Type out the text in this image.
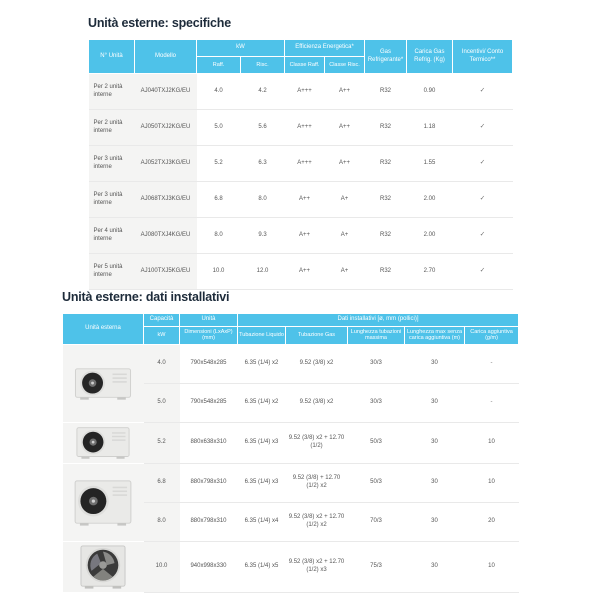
Unità esterne: specifiche
N° Unità	Modello	kW		Efficienza Energetica*		Gas Refrigerante*	Carica Gas Refrig. (Kg)	Incentivi/ Conto Termico**
		Raff.	Risc.	Classe Raff.	Classe Risc.			
Per 2 unità interne	AJ040TXJ2KG/EU	4.0	4.2	A+++	A++	R32	0.90	✓
Per 2 unità interne	AJ050TXJ2KG/EU	5.0	5.6	A+++	A++	R32	1.18	✓
Per 3 unità interne	AJ052TXJ3KG/EU	5.2	6.3	A+++	A++	R32	1.55	✓
Per 3 unità interne	AJ068TXJ3KG/EU	6.8	8.0	A++	A+	R32	2.00	✓
Per 4 unità interne	AJ080TXJ4KG/EU	8.0	9.3	A++	A+	R32	2.00	✓
Per 5 unità interne	AJ100TXJ5KG/EU	10.0	12.0	A++	A+	R32	2.70	✓
Unità esterne: dati installativi
Unità esterna	Capacità	Unità	Dati installativi [ø, mm (pollici)]				
	kW	Dimensioni (LxAxP) (mm)	Tubazione Liquido	Tubazione Gas	Lunghezza tubazioni massima	Lunghezza max senza carica aggiuntiva (m)	Carica aggiuntiva (g/m)

	4.0	790x548x285	6.35 (1/4) x2	9.52 (3/8) x2	30/3	30	-
	5.0	790x548x285	6.35 (1/4) x2	9.52 (3/8) x2	30/3	30	-

	5.2	880x638x310	6.35 (1/4) x3	9.52 (3/8) x2 + 12.70 (1/2)	50/3	30	10

	6.8	880x798x310	6.35 (1/4) x3	9.52 (3/8) + 12.70 (1/2) x2	50/3	30	10
	8.0	880x798x310	6.35 (1/4) x4	9.52 (3/8) x2 + 12.70 (1/2) x2	70/3	30	20

	10.0	940x998x330	6.35 (1/4) x5	9.52 (3/8) x2 + 12.70 (1/2) x3	75/3	30	10
